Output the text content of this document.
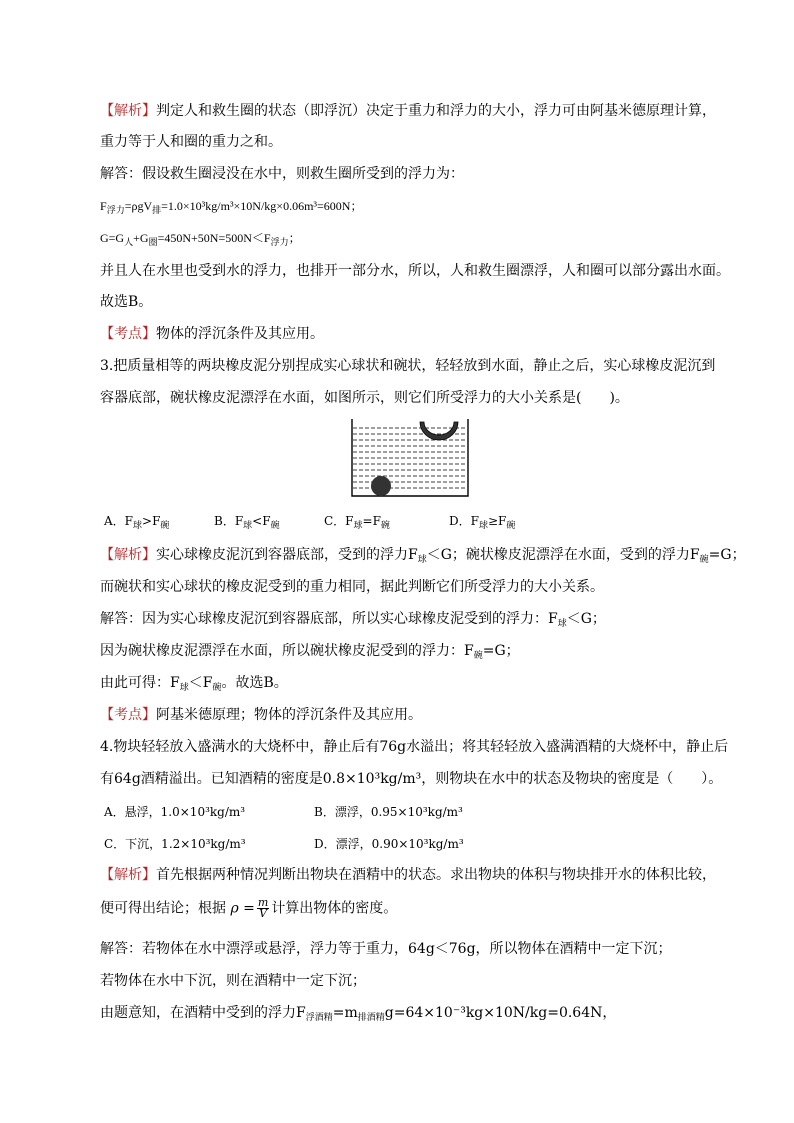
【解析】判定人和救生圈的状态（即浮沉）决定于重力和浮力的大小，浮力可由阿基米德原理计算，
重力等于人和圈的重力之和。
解答：假设救生圈浸没在水中，则救生圈所受到的浮力为：
$F_{浮力}=\rho gV_排=1.0\times 10^3kg/m^3\times 10N/kg\times 0.06m^3=600N$；
$G=G_人+G_圈=450N+50N=500N<F_{浮力}$；
并且人在水里也受到水的浮力，也排开一部分水，所以，人和救生圈漂浮，人和圈可以部分露出水面。
故选B。
【考点】物体的浮沉条件及其应用。
3.把质量相等的两块橡皮泥分别捏成实心球状和碗状，轻轻放到水面，静止之后，实心球橡皮泥沉到
容器底部，碗状橡皮泥漂浮在水面，如图所示，则它们所受浮力的大小关系是(　　)。
A．$F_球>F_碗$	B．$F_球<F_碗$	C．$F_球=F_碗$	D．$F_球\ge F_碗$
【解析】实心球橡皮泥沉到容器底部，受到的浮力$F_球<G$；碗状橡皮泥漂浮在水面，受到的浮力$F_碗=G$；
而碗状和实心球状的橡皮泥受到的重力相同，据此判断它们所受浮力的大小关系。
解答：因为实心球橡皮泥沉到容器底部，所以实心球橡皮泥受到的浮力：$F_球<G$；
因为碗状橡皮泥漂浮在水面，所以碗状橡皮泥受到的浮力：$F_碗=G$；
由此可得：$F_球<F_碗$。故选B。
【考点】阿基米德原理；物体的浮沉条件及其应用。
4.物块轻轻放入盛满水的大烧杯中，静止后有76g水溢出；将其轻轻放入盛满酒精的大烧杯中，静止后
有64g酒精溢出。已知酒精的密度是0.8×10³kg/m³，则物块在水中的状态及物块的密度是（　　）。
A．悬浮，1.0×10³kg/m³	B．漂浮，0.95×10³kg/m³
C．下沉，1.2×10³kg/m³	D．漂浮，0.90×10³kg/m³
【解析】首先根据两种情况判断出物块在酒精中的状态。求出物块的体积与物块排开水的体积比较，
便可得出结论；根据 $\rho = \frac{m}{V}$ 计算出物体的密度。
解答：若物体在水中漂浮或悬浮，浮力等于重力，64g＜76g，所以物体在酒精中一定下沉；
若物体在水中下沉，则在酒精中一定下沉；
由题意知，在酒精中受到的浮力$F_{浮酒精}=m_{排酒精}g=64\times 10^{-3}kg\times 10N/kg=0.64N$，
